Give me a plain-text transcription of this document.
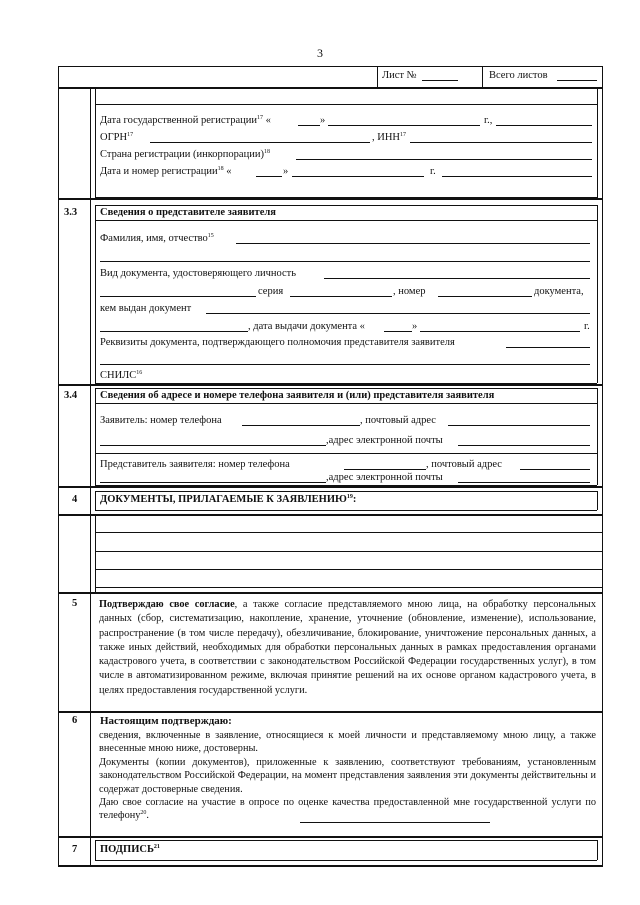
3
Лист №	Всего листов
Дата государственной регистрации$^{17}$ «	»	г.,
ОГРН$^{17}$	, ИНН$^{17}$
Страна регистрации (инкорпорации)$^{18}$
Дата и номер регистрации$^{18}$ «	»	г.
3.3 Сведения о представителе заявителя
Фамилия, имя, отчество$^{15}$
Вид документа, удостоверяющего личность
серия	, номер	документа,
кем выдан документ
, дата выдачи документа «	»	г.
Реквизиты документа, подтверждающего полномочия представителя заявителя
СНИЛС$^{16}$
3.4 Сведения об адресе и номере телефона заявителя и (или) представителя заявителя
Заявитель: номер телефона	, почтовый адрес
,адрес электронной почты
Представитель заявителя: номер телефона	, почтовый адрес
,адрес электронной почты
4 ДОКУМЕНТЫ, ПРИЛАГАЕМЫЕ К ЗАЯВЛЕНИЮ$^{19}$:
5 Подтверждаю свое согласие, а также согласие представляемого мною лица, на обработку персональных данных (сбор, систематизацию, накопление, хранение, уточнение (обновление, изменение), использование, распространение (в том числе передачу), обезличивание, блокирование, уничтожение персональных данных, а также иных действий, необходимых для обработки персональных данных в рамках предоставления органами кадастрового учета, в соответствии с законодательством Российской Федерации государственных услуг), в том числе в автоматизированном режиме, включая принятие решений на их основе органом кадастрового учета, в целях предоставления государственной услуги.
6 Настоящим подтверждаю:

сведения, включенные в заявление, относящиеся к моей личности и представляемому мною лицу, а также внесенные мною ниже, достоверны.

Документы (копии документов), приложенные к заявлению, соответствуют требованиям, установленным законодательством Российской Федерации, на момент представления заявления эти документы действительны и содержат достоверные сведения.

Даю свое согласие на участие в опросе по оценке качества предоставленной мне государственной услуги по телефону$^{20}$.

7 ПОДПИСЬ$^{21}$
